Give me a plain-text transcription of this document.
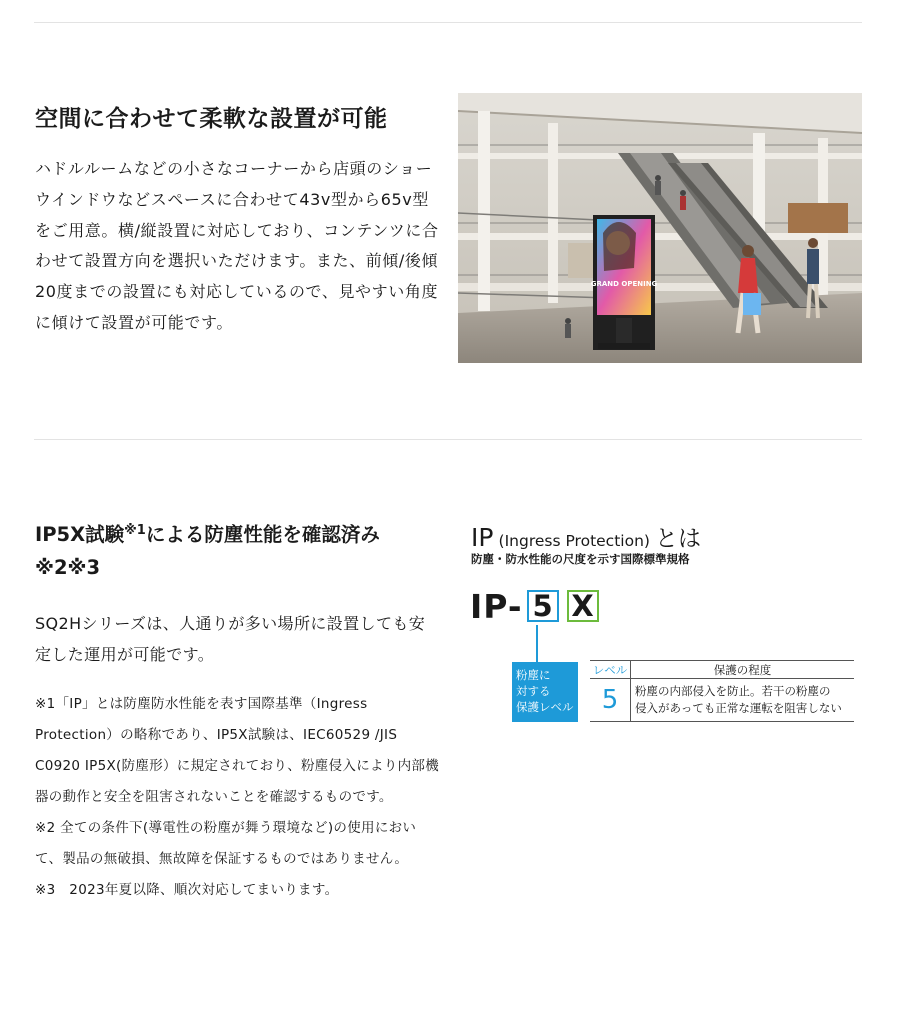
空間に合わせて柔軟な設置が可能
ハドルルームなどの小さなコーナーから店頭のショーウインドウなどスペースに合わせて43v型から65v型をご用意。横/縦設置に対応しており、コンテンツに合わせて設置方向を選択いただけます。また、前傾/後傾20度までの設置にも対応しているので、見やすい角度に傾けて設置が可能です。
GRAND OPENING
IP5X試験$^{※1}$による防塵性能を確認済み
※2※3
SQ2Hシリーズは、人通りが多い場所に設置しても安定した運用が可能です。

※1「IP」とは防塵防水性能を表す国際基準（Ingress Protection）の略称であり、IP5X試験は、IEC60529 /JIS C0920 IP5X(防塵形）に規定されており、粉塵侵入により内部機器の動作と安全を阻害されないことを確認するものです。

※2 全ての条件下(導電性の粉塵が舞う環境など)の使用において、製品の無破損、無故障を保証するものではありません。

※3　2023年夏以降、順次対応してまいります。

IP (Ingress Protection) とは
防塵・防水性能の尺度を示す国際標準規格
IP- 5 X
粉塵に
対する
保護レベル
レベル	保護の程度
5	粉塵の内部侵入を防止。若干の粉塵の
侵入があっても正常な運転を阻害しない
